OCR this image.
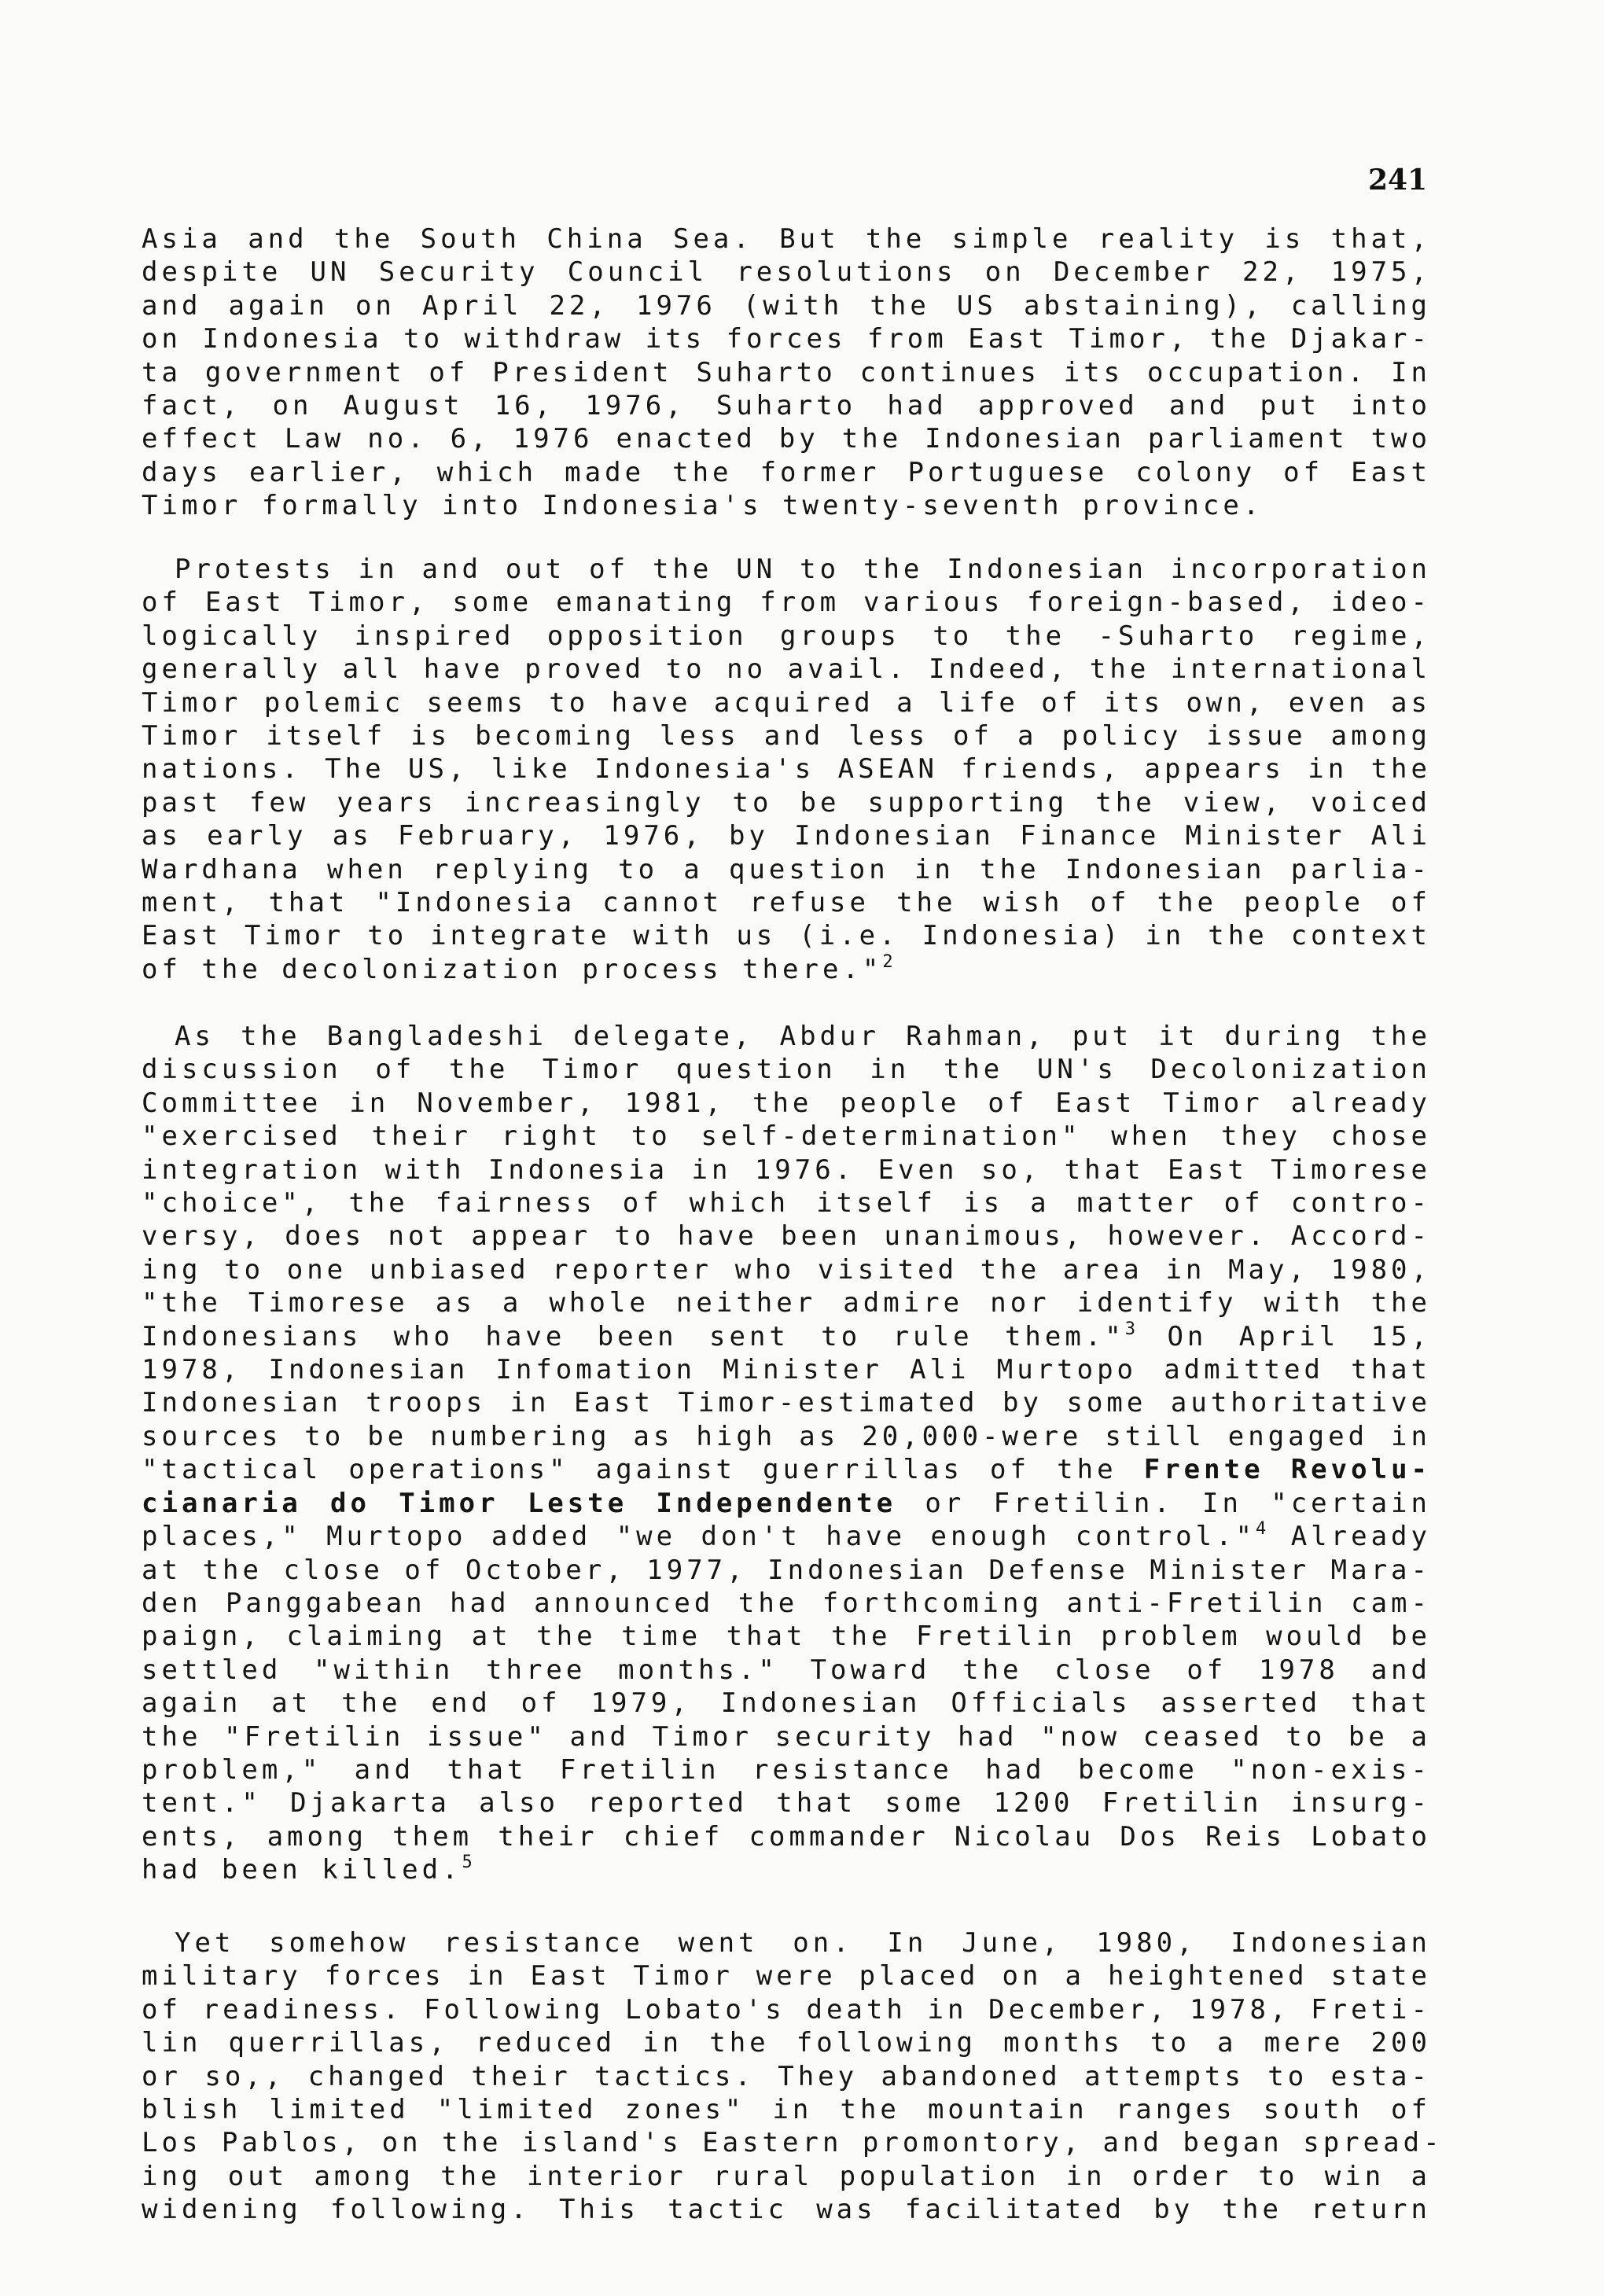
241
Asia and the South China Sea. But the simple reality is that,
despite UN Security Council resolutions on December 22, 1975,
and again on April 22, 1976 (with the US abstaining), calling
on Indonesia to withdraw its forces from East Timor, the Djakar-
ta government of President Suharto continues its occupation. In
fact, on August 16, 1976, Suharto had approved and put into
effect Law no. 6, 1976 enacted by the Indonesian parliament two
days earlier, which made the former Portuguese colony of East
Timor formally into Indonesia's twenty-seventh province.
Protests in and out of the UN to the Indonesian incorporation
of East Timor, some emanating from various foreign-based, ideo-
logically inspired opposition groups to the -Suharto regime,
generally all have proved to no avail. Indeed, the international
Timor polemic seems to have acquired a life of its own, even as
Timor itself is becoming less and less of a policy issue among
nations. The US, like Indonesia's ASEAN friends, appears in the
past few years increasingly to be supporting the view, voiced
as early as February, 1976, by Indonesian Finance Minister Ali
Wardhana when replying to a question in the Indonesian parlia-
ment, that "Indonesia cannot refuse the wish of the people of
East Timor to integrate with us (i.e. Indonesia) in the context
of the decolonization process there."$^2$
As the Bangladeshi delegate, Abdur Rahman, put it during the
discussion of the Timor question in the UN's Decolonization
Committee in November, 1981, the people of East Timor already
"exercised their right to self-determination" when they chose
integration with Indonesia in 1976. Even so, that East Timorese
"choice", the fairness of which itself is a matter of contro-
versy, does not appear to have been unanimous, however. Accord-
ing to one unbiased reporter who visited the area in May, 1980,
"the Timorese as a whole neither admire nor identify with the
Indonesians who have been sent to rule them."$^3$ On April 15,
1978, Indonesian Infomation Minister Ali Murtopo admitted that
Indonesian troops in East Timor-estimated by some authoritative
sources to be numbering as high as 20,000-were still engaged in
"tactical operations" against guerrillas of the Frente Revolu-
cianaria do Timor Leste Independente or Fretilin. In "certain
places," Murtopo added "we don't have enough control."$^4$ Already
at the close of October, 1977, Indonesian Defense Minister Mara-
den Panggabean had announced the forthcoming anti-Fretilin cam-
paign, claiming at the time that the Fretilin problem would be
settled "within three months." Toward the close of 1978 and
again at the end of 1979, Indonesian Officials asserted that
the "Fretilin issue" and Timor security had "now ceased to be a
problem," and that Fretilin resistance had become "non-exis-
tent." Djakarta also reported that some 1200 Fretilin insurg-
ents, among them their chief commander Nicolau Dos Reis Lobato
had been killed.$^5$
Yet somehow resistance went on. In June, 1980, Indonesian
military forces in East Timor were placed on a heightened state
of readiness. Following Lobato's death in December, 1978, Freti-
lin querrillas, reduced in the following months to a mere 200
or so,, changed their tactics. They abandoned attempts to esta-
blish limited "limited zones" in the mountain ranges south of
Los Pablos, on the island's Eastern promontory, and began spread-
ing out among the interior rural population in order to win a
widening following. This tactic was facilitated by the return
